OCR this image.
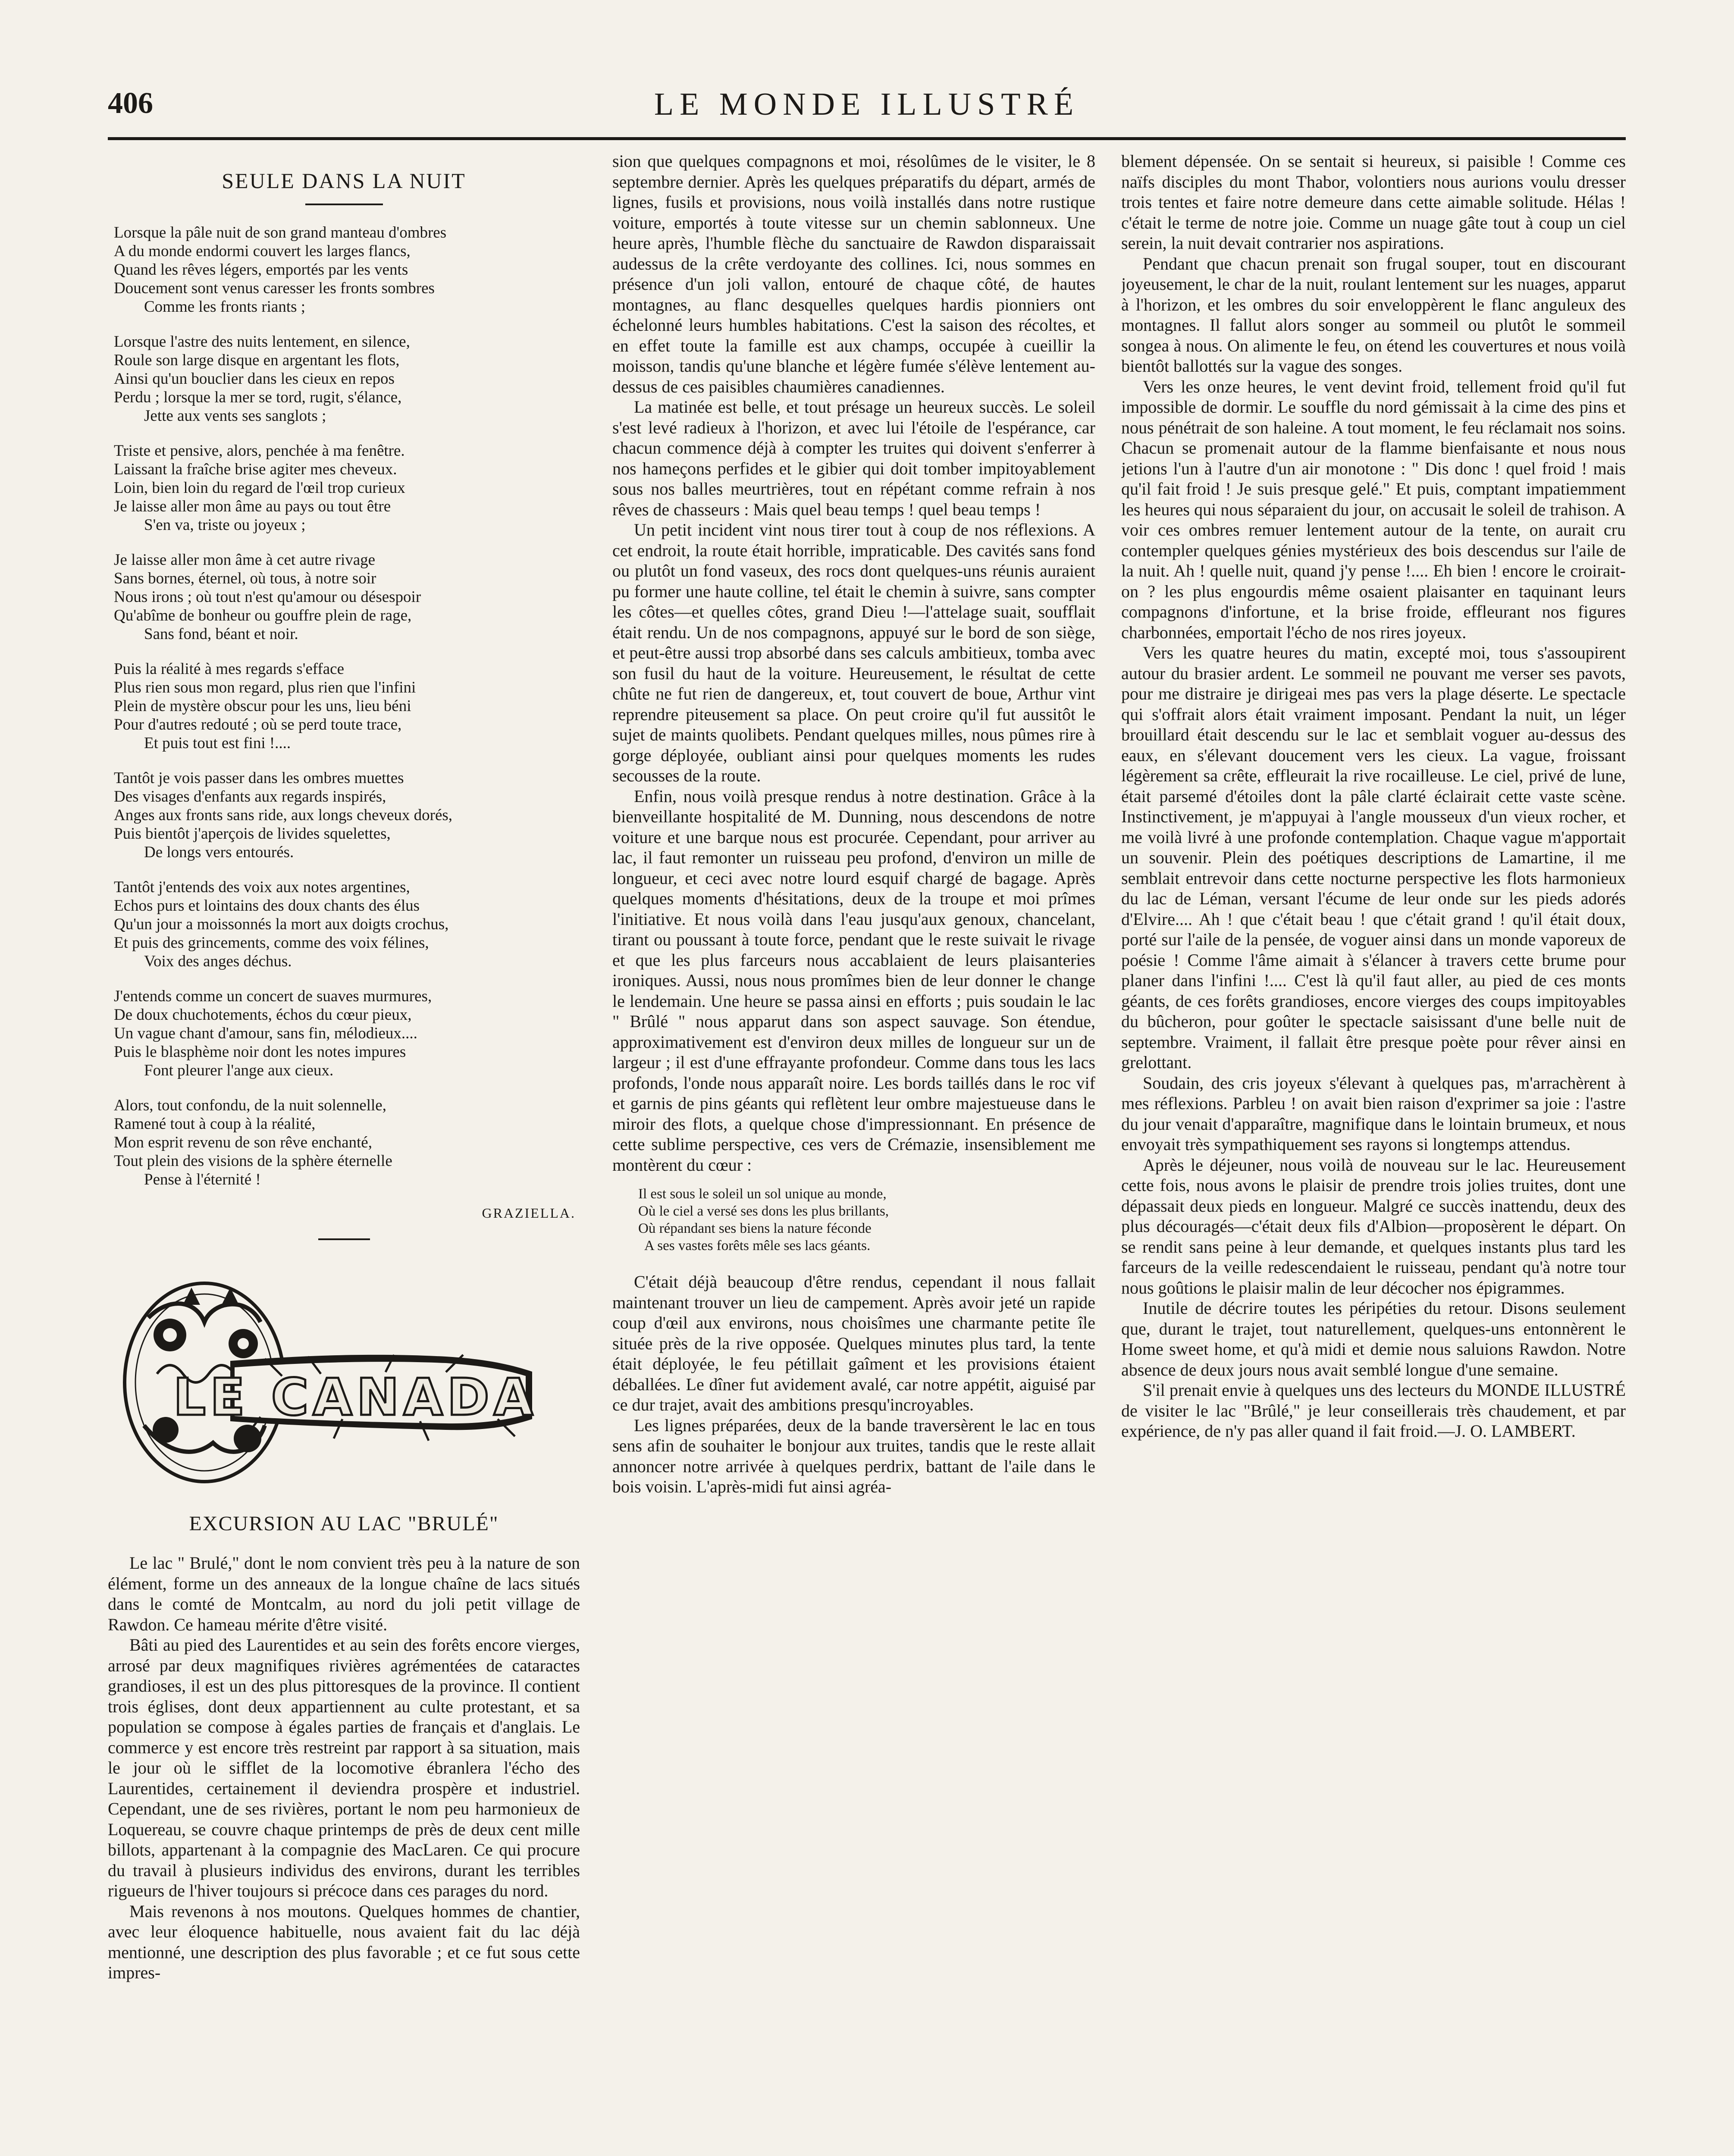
406	LE MONDE ILLUSTRÉ
SEULE DANS LA NUIT
Lorsque la pâle nuit de son grand manteau d'ombres
A du monde endormi couvert les larges flancs,
Quand les rêves légers, emportés par les vents
Doucement sont venus caresser les fronts sombres
Comme les fronts riants ;
Lorsque l'astre des nuits lentement, en silence,
Roule son large disque en argentant les flots,
Ainsi qu'un bouclier dans les cieux en repos
Perdu ; lorsque la mer se tord, rugit, s'élance,
Jette aux vents ses sanglots ;
Triste et pensive, alors, penchée à ma fenêtre.
Laissant la fraîche brise agiter mes cheveux.
Loin, bien loin du regard de l'œil trop curieux
Je laisse aller mon âme au pays ou tout être
S'en va, triste ou joyeux ;
Je laisse aller mon âme à cet autre rivage
Sans bornes, éternel, où tous, à notre soir
Nous irons ; où tout n'est qu'amour ou désespoir
Qu'abîme de bonheur ou gouffre plein de rage,
Sans fond, béant et noir.
Puis la réalité à mes regards s'efface
Plus rien sous mon regard, plus rien que l'infini
Plein de mystère obscur pour les uns, lieu béni
Pour d'autres redouté ; où se perd toute trace,
Et puis tout est fini !....
Tantôt je vois passer dans les ombres muettes
Des visages d'enfants aux regards inspirés,
Anges aux fronts sans ride, aux longs cheveux dorés,
Puis bientôt j'aperçois de livides squelettes,
De longs vers entourés.
Tantôt j'entends des voix aux notes argentines,
Echos purs et lointains des doux chants des élus
Qu'un jour a moissonnés la mort aux doigts crochus,
Et puis des grincements, comme des voix félines,
Voix des anges déchus.
J'entends comme un concert de suaves murmures,
De doux chuchotements, échos du cœur pieux,
Un vague chant d'amour, sans fin, mélodieux....
Puis le blasphème noir dont les notes impures
Font pleurer l'ange aux cieux.
Alors, tout confondu, de la nuit solennelle,
Ramené tout à coup à la réalité,
Mon esprit revenu de son rêve enchanté,
Tout plein des visions de la sphère éternelle
Pense à l'éternité !
GRAZIELLA.
LE CANADA
EXCURSION AU LAC "BRULÉ"

Le lac " Brulé," dont le nom convient très peu à la nature de son élément, forme un des anneaux de la longue chaîne de lacs situés dans le comté de Montcalm, au nord du joli petit village de Rawdon. Ce hameau mérite d'être visité.

Bâti au pied des Laurentides et au sein des forêts encore vierges, arrosé par deux magnifiques rivières agrémentées de cataractes grandioses, il est un des plus pittoresques de la province. Il contient trois églises, dont deux appartiennent au culte protestant, et sa population se compose à égales parties de français et d'anglais. Le commerce y est encore très restreint par rapport à sa situation, mais le jour où le sifflet de la locomotive ébranlera l'écho des Laurentides, certainement il deviendra prospère et industriel. Cependant, une de ses rivières, portant le nom peu harmonieux de Loquereau, se couvre chaque printemps de près de deux cent mille billots, appartenant à la compagnie des MacLaren. Ce qui procure du travail à plusieurs individus des environs, durant les terribles rigueurs de l'hiver toujours si précoce dans ces parages du nord.

Mais revenons à nos moutons. Quelques hommes de chantier, avec leur éloquence habituelle, nous avaient fait du lac déjà mentionné, une description des plus favorable ; et ce fut sous cette impres-

sion que quelques compagnons et moi, résolûmes de le visiter, le 8 septembre dernier. Après les quelques préparatifs du départ, armés de lignes, fusils et provisions, nous voilà installés dans notre rustique voiture, emportés à toute vitesse sur un chemin sablonneux. Une heure après, l'humble flèche du sanctuaire de Rawdon disparaissait audessus de la crête verdoyante des collines. Ici, nous sommes en présence d'un joli vallon, entouré de chaque côté, de hautes montagnes, au flanc desquelles quelques hardis pionniers ont échelonné leurs humbles habitations. C'est la saison des récoltes, et en effet toute la famille est aux champs, occupée à cueillir la moisson, tandis qu'une blanche et légère fumée s'élève lentement au-dessus de ces paisibles chaumières canadiennes.

La matinée est belle, et tout présage un heureux succès. Le soleil s'est levé radieux à l'horizon, et avec lui l'étoile de l'espérance, car chacun commence déjà à compter les truites qui doivent s'enferrer à nos hameçons perfides et le gibier qui doit tomber impitoyablement sous nos balles meurtrières, tout en répétant comme refrain à nos rêves de chasseurs : Mais quel beau temps ! quel beau temps !

Un petit incident vint nous tirer tout à coup de nos réflexions. A cet endroit, la route était horrible, impraticable. Des cavités sans fond ou plutôt un fond vaseux, des rocs dont quelques-uns réunis auraient pu former une haute colline, tel était le chemin à suivre, sans compter les côtes—et quelles côtes, grand Dieu !—l'attelage suait, soufflait était rendu. Un de nos compagnons, appuyé sur le bord de son siège, et peut-être aussi trop absorbé dans ses calculs ambitieux, tomba avec son fusil du haut de la voiture. Heureusement, le résultat de cette chûte ne fut rien de dangereux, et, tout couvert de boue, Arthur vint reprendre piteusement sa place. On peut croire qu'il fut aussitôt le sujet de maints quolibets. Pendant quelques milles, nous pûmes rire à gorge déployée, oubliant ainsi pour quelques moments les rudes secousses de la route.

Enfin, nous voilà presque rendus à notre destination. Grâce à la bienveillante hospitalité de M. Dunning, nous descendons de notre voiture et une barque nous est procurée. Cependant, pour arriver au lac, il faut remonter un ruisseau peu profond, d'environ un mille de longueur, et ceci avec notre lourd esquif chargé de bagage. Après quelques moments d'hésitations, deux de la troupe et moi prîmes l'initiative. Et nous voilà dans l'eau jusqu'aux genoux, chancelant, tirant ou poussant à toute force, pendant que le reste suivait le rivage et que les plus farceurs nous accablaient de leurs plaisanteries ironiques. Aussi, nous nous promîmes bien de leur donner le change le lendemain. Une heure se passa ainsi en efforts ; puis soudain le lac " Brûlé " nous apparut dans son aspect sauvage. Son étendue, approximativement est d'environ deux milles de longueur sur un de largeur ; il est d'une effrayante profondeur. Comme dans tous les lacs profonds, l'onde nous apparaît noire. Les bords taillés dans le roc vif et garnis de pins géants qui reflètent leur ombre majestueuse dans le miroir des flots, a quelque chose d'impressionnant. En présence de cette sublime perspective, ces vers de Crémazie, insensiblement me montèrent du cœur :

Il est sous le soleil un sol unique au monde,
Où le ciel a versé ses dons les plus brillants,
Où répandant ses biens la nature féconde
A ses vastes forêts mêle ses lacs géants.

C'était déjà beaucoup d'être rendus, cependant il nous fallait maintenant trouver un lieu de campement. Après avoir jeté un rapide coup d'œil aux environs, nous choisîmes une charmante petite île située près de la rive opposée. Quelques minutes plus tard, la tente était déployée, le feu pétillait gaîment et les provisions étaient déballées. Le dîner fut avidement avalé, car notre appétit, aiguisé par ce dur trajet, avait des ambitions presqu'incroyables.

Les lignes préparées, deux de la bande traversèrent le lac en tous sens afin de souhaiter le bonjour aux truites, tandis que le reste allait annoncer notre arrivée à quelques perdrix, battant de l'aile dans le bois voisin. L'après-midi fut ainsi agréa-

blement dépensée. On se sentait si heureux, si paisible ! Comme ces naïfs disciples du mont Thabor, volontiers nous aurions voulu dresser trois tentes et faire notre demeure dans cette aimable solitude. Hélas ! c'était le terme de notre joie. Comme un nuage gâte tout à coup un ciel serein, la nuit devait contrarier nos aspirations.

Pendant que chacun prenait son frugal souper, tout en discourant joyeusement, le char de la nuit, roulant lentement sur les nuages, apparut à l'horizon, et les ombres du soir enveloppèrent le flanc anguleux des montagnes. Il fallut alors songer au sommeil ou plutôt le sommeil songea à nous. On alimente le feu, on étend les couvertures et nous voilà bientôt ballottés sur la vague des songes.

Vers les onze heures, le vent devint froid, tellement froid qu'il fut impossible de dormir. Le souffle du nord gémissait à la cime des pins et nous pénétrait de son haleine. A tout moment, le feu réclamait nos soins. Chacun se promenait autour de la flamme bienfaisante et nous nous jetions l'un à l'autre d'un air monotone : " Dis donc ! quel froid ! mais qu'il fait froid ! Je suis presque gelé." Et puis, comptant impatiemment les heures qui nous séparaient du jour, on accusait le soleil de trahison. A voir ces ombres remuer lentement autour de la tente, on aurait cru contempler quelques génies mystérieux des bois descendus sur l'aile de la nuit. Ah ! quelle nuit, quand j'y pense !.... Eh bien ! encore le croirait-on ? les plus engourdis même osaient plaisanter en taquinant leurs compagnons d'infortune, et la brise froide, effleurant nos figures charbonnées, emportait l'écho de nos rires joyeux.

Vers les quatre heures du matin, excepté moi, tous s'assoupirent autour du brasier ardent. Le sommeil ne pouvant me verser ses pavots, pour me distraire je dirigeai mes pas vers la plage déserte. Le spectacle qui s'offrait alors était vraiment imposant. Pendant la nuit, un léger brouillard était descendu sur le lac et semblait voguer au-dessus des eaux, en s'élevant doucement vers les cieux. La vague, froissant légèrement sa crête, effleurait la rive rocailleuse. Le ciel, privé de lune, était parsemé d'étoiles dont la pâle clarté éclairait cette vaste scène. Instinctivement, je m'appuyai à l'angle mousseux d'un vieux rocher, et me voilà livré à une profonde contemplation. Chaque vague m'apportait un souvenir. Plein des poétiques descriptions de Lamartine, il me semblait entrevoir dans cette nocturne perspective les flots harmonieux du lac de Léman, versant l'écume de leur onde sur les pieds adorés d'Elvire.... Ah ! que c'était beau ! que c'était grand ! qu'il était doux, porté sur l'aile de la pensée, de voguer ainsi dans un monde vaporeux de poésie ! Comme l'âme aimait à s'élancer à travers cette brume pour planer dans l'infini !.... C'est là qu'il faut aller, au pied de ces monts géants, de ces forêts grandioses, encore vierges des coups impitoyables du bûcheron, pour goûter le spectacle saisissant d'une belle nuit de septembre. Vraiment, il fallait être presque poète pour rêver ainsi en grelottant.

Soudain, des cris joyeux s'élevant à quelques pas, m'arrachèrent à mes réflexions. Parbleu ! on avait bien raison d'exprimer sa joie : l'astre du jour venait d'apparaître, magnifique dans le lointain brumeux, et nous envoyait très sympathiquement ses rayons si longtemps attendus.

Après le déjeuner, nous voilà de nouveau sur le lac. Heureusement cette fois, nous avons le plaisir de prendre trois jolies truites, dont une dépassait deux pieds en longueur. Malgré ce succès inattendu, deux des plus découragés—c'était deux fils d'Albion—proposèrent le départ. On se rendit sans peine à leur demande, et quelques instants plus tard les farceurs de la veille redescendaient le ruisseau, pendant qu'à notre tour nous goûtions le plaisir malin de leur décocher nos épigrammes.

Inutile de décrire toutes les péripéties du retour. Disons seulement que, durant le trajet, tout naturellement, quelques-uns entonnèrent le Home sweet home, et qu'à midi et demie nous saluions Rawdon. Notre absence de deux jours nous avait semblé longue d'une semaine.

S'il prenait envie à quelques uns des lecteurs du MONDE ILLUSTRÉ de visiter le lac "Brûlé," je leur conseillerais très chaudement, et par expérience, de n'y pas aller quand il fait froid.—J. O. LAMBERT.
